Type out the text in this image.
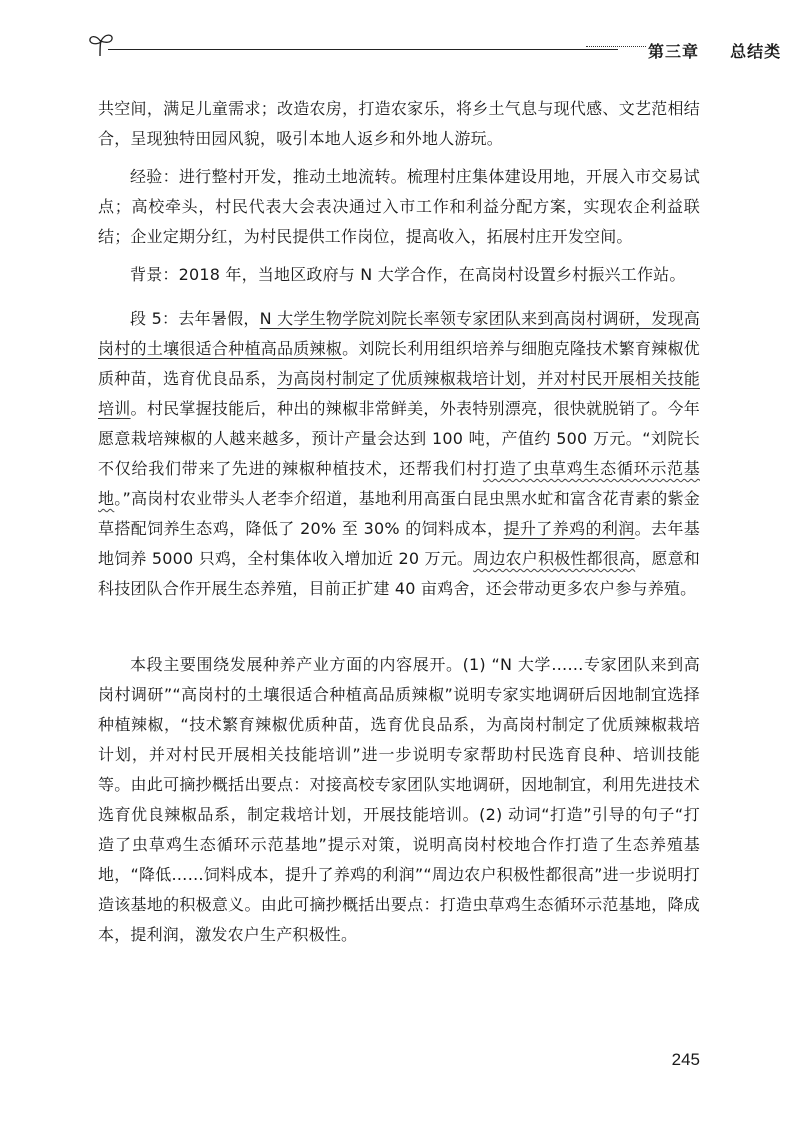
第三章 总结类

共空间，满足儿童需求；改造农房，打造农家乐，将乡土气息与现代感、文艺范相结合，呈现独特田园风貌，吸引本地人返乡和外地人游玩。

经验：进行整村开发，推动土地流转。梳理村庄集体建设用地，开展入市交易试点；高校牵头，村民代表大会表决通过入市工作和利益分配方案，实现农企利益联结；企业定期分红，为村民提供工作岗位，提高收入，拓展村庄开发空间。

背景：2018 年，当地区政府与 N 大学合作，在高岗村设置乡村振兴工作站。

段 5：去年暑假，N 大学生物学院刘院长率领专家团队来到高岗村调研，发现高岗村的土壤很适合种植高品质辣椒。刘院长利用组织培养与细胞克隆技术繁育辣椒优质种苗，选育优良品系，为高岗村制定了优质辣椒栽培计划，并对村民开展相关技能培训。村民掌握技能后，种出的辣椒非常鲜美，外表特别漂亮，很快就脱销了。今年愿意栽培辣椒的人越来越多，预计产量会达到 100 吨，产值约 500 万元。“刘院长不仅给我们带来了先进的辣椒种植技术，还帮我们村打造了虫草鸡生态循环示范基地。”高岗村农业带头人老李介绍道，基地利用高蛋白昆虫黑水虻和富含花青素的紫金草搭配饲养生态鸡，降低了 20% 至 30% 的饲料成本，提升了养鸡的利润。去年基地饲养 5000 只鸡，全村集体收入增加近 20 万元。周边农户积极性都很高，愿意和科技团队合作开展生态养殖，目前正扩建 40 亩鸡舍，还会带动更多农户参与养殖。

本段主要围绕发展种养产业方面的内容展开。(1) “N 大学……专家团队来到高岗村调研”“高岗村的土壤很适合种植高品质辣椒”说明专家实地调研后因地制宜选择种植辣椒，“技术繁育辣椒优质种苗，选育优良品系，为高岗村制定了优质辣椒栽培计划，并对村民开展相关技能培训”进一步说明专家帮助村民选育良种、培训技能等。由此可摘抄概括出要点：对接高校专家团队实地调研，因地制宜，利用先进技术选育优良辣椒品系，制定栽培计划，开展技能培训。(2) 动词“打造”引导的句子“打造了虫草鸡生态循环示范基地”提示对策，说明高岗村校地合作打造了生态养殖基地，“降低……饲料成本，提升了养鸡的利润”“周边农户积极性都很高”进一步说明打造该基地的积极意义。由此可摘抄概括出要点：打造虫草鸡生态循环示范基地，降成本，提利润，激发农户生产积极性。

245
